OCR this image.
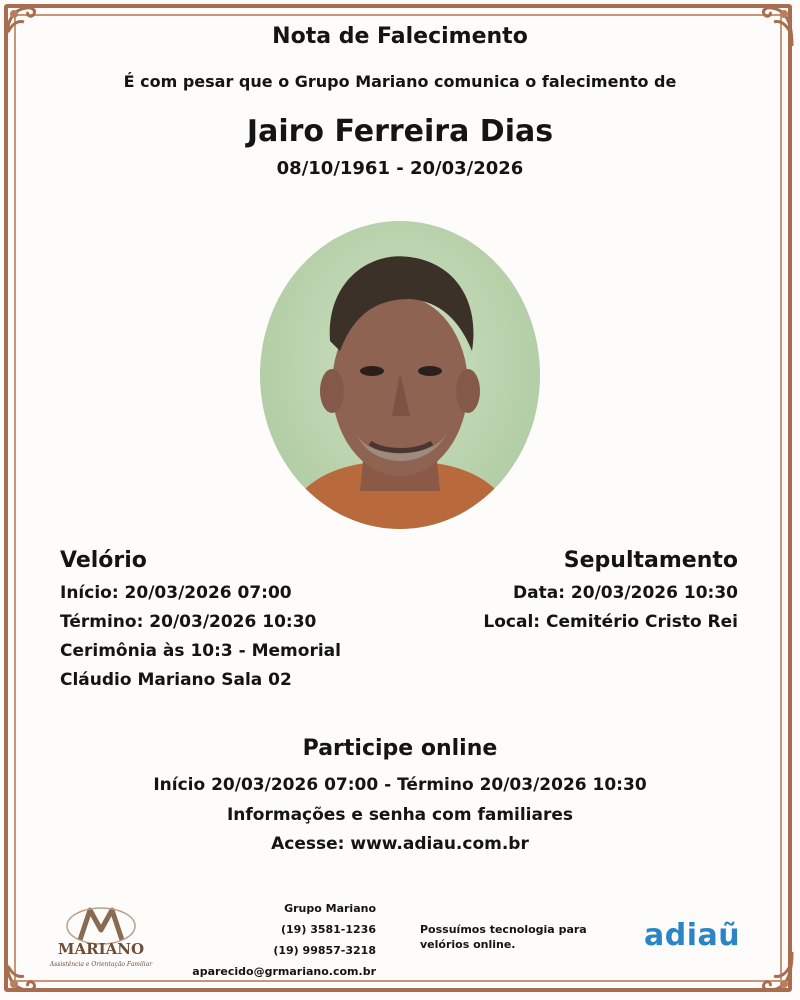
Nota de Falecimento
É com pesar que o Grupo Mariano comunica o falecimento de
Jairo Ferreira Dias
08/10/1961 - 20/03/2026
Velório
Início: 20/03/2026 07:00
Término: 20/03/2026 10:30
Cerimônia às 10:3 - Memorial
Cláudio Mariano Sala 02
Sepultamento
Data: 20/03/2026 10:30
Local: Cemitério Cristo Rei
Participe online
Início 20/03/2026 07:00 - Término 20/03/2026 10:30
Informações e senha com familiares
Acesse: www.adiau.com.br
MARIANO
Assistência e Orientação Familiar
Grupo Mariano
(19) 3581-1236
(19) 99857-3218
aparecido@grmariano.com.br
Possuímos tecnologia para velórios online.	adiaũ
